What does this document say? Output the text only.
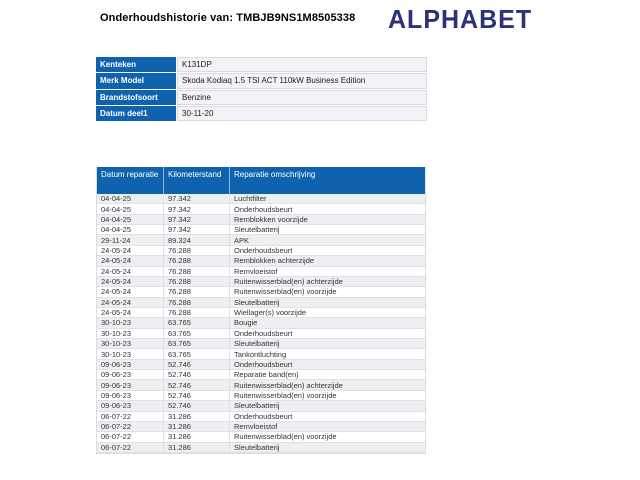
Onderhoudshistorie van: TMBJB9NS1M8505338 ALPHABET
Kenteken	K131DP
Merk Model	Skoda Kodiaq 1.5 TSI ACT 110kW Business Edition
Brandstofsoort	Benzine
Datum deel1	30-11-20
Datum reparatie	Kilometerstand	Reparatie omschrijving
04-04-25	97.342	Luchtfilter
04-04-25	97.342	Onderhoudsbeurt
04-04-25	97.342	Remblokken voorzijde
04-04-25	97.342	Sleutelbatterij
29-11-24	89.324	APK
24-05-24	76.288	Onderhoudsbeurt
24-05-24	76.288	Remblokken achterzijde
24-05-24	76.288	Remvloeistof
24-05-24	76.288	Ruitenwisserblad(en) achterzijde
24-05-24	76.288	Ruitenwisserblad(en) voorzijde
24-05-24	76.288	Sleutelbatterij
24-05-24	76.288	Wiellager(s) voorzijde
30-10-23	63.765	Bougie
30-10-23	63.765	Onderhoudsbeurt
30-10-23	63.765	Sleutelbatterij
30-10-23	63.765	Tankontluchting
09-06-23	52.746	Onderhoudsbeurt
09-06-23	52.746	Reparatie band(en)
09-06-23	52.746	Ruitenwisserblad(en) achterzijde
09-06-23	52.746	Ruitenwisserblad(en) voorzijde
09-06-23	52.746	Sleutelbatterij
06-07-22	31.286	Onderhoudsbeurt
06-07-22	31.286	Remvloeistof
06-07-22	31.286	Ruitenwisserblad(en) voorzijde
06-07-22	31.286	Sleutelbatterij
